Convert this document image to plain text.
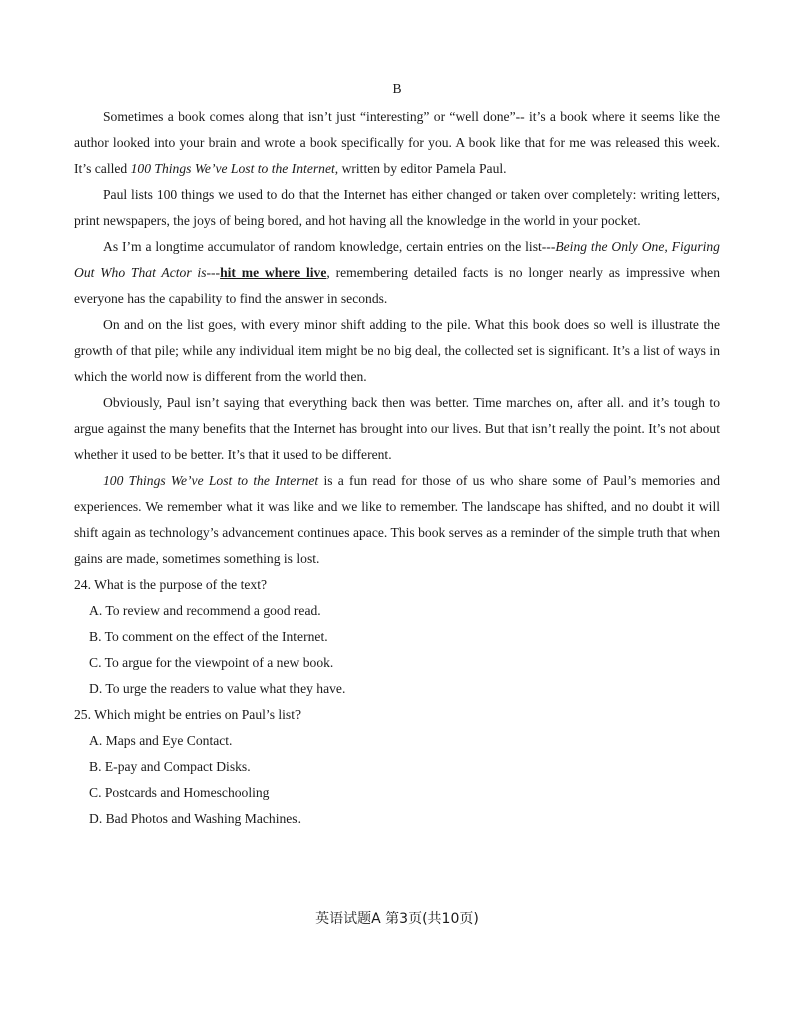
B

Sometimes a book comes along that isn’t just “interesting” or “well done”-- it’s a book where it seems like the author looked into your brain and wrote a book specifically for you. A book like that for me was released this week. It’s called 100 Things We’ve Lost to the Internet, written by editor Pamela Paul.

Paul lists 100 things we used to do that the Internet has either changed or taken over completely: writing letters, print newspapers, the joys of being bored, and hot having all the knowledge in the world in your pocket.

As I’m a longtime accumulator of random knowledge, certain entries on the list---Being the Only One, Figuring Out Who That Actor is---hit me where live, remembering detailed facts is no longer nearly as impressive when everyone has the capability to find the answer in seconds.

On and on the list goes, with every minor shift adding to the pile. What this book does so well is illustrate the growth of that pile; while any individual item might be no big deal, the collected set is significant. It’s a list of ways in which the world now is different from the world then.

Obviously, Paul isn’t saying that everything back then was better. Time marches on, after all. and it’s tough to argue against the many benefits that the Internet has brought into our lives. But that isn’t really the point. It’s not about whether it used to be better. It’s that it used to be different.

100 Things We’ve Lost to the Internet is a fun read for those of us who share some of Paul’s memories and experiences. We remember what it was like and we like to remember. The landscape has shifted, and no doubt it will shift again as technology’s advancement continues apace. This book serves as a reminder of the simple truth that when gains are made, sometimes something is lost.

24. What is the purpose of the text?

A. To review and recommend a good read.

B. To comment on the effect of the Internet.

C. To argue for the viewpoint of a new book.

D. To urge the readers to value what they have.

25. Which might be entries on Paul’s list?

A. Maps and Eye Contact.

B. E-pay and Compact Disks.

C. Postcards and Homeschooling

D. Bad Photos and Washing Machines.

英语试题A 第3页(共10页)
